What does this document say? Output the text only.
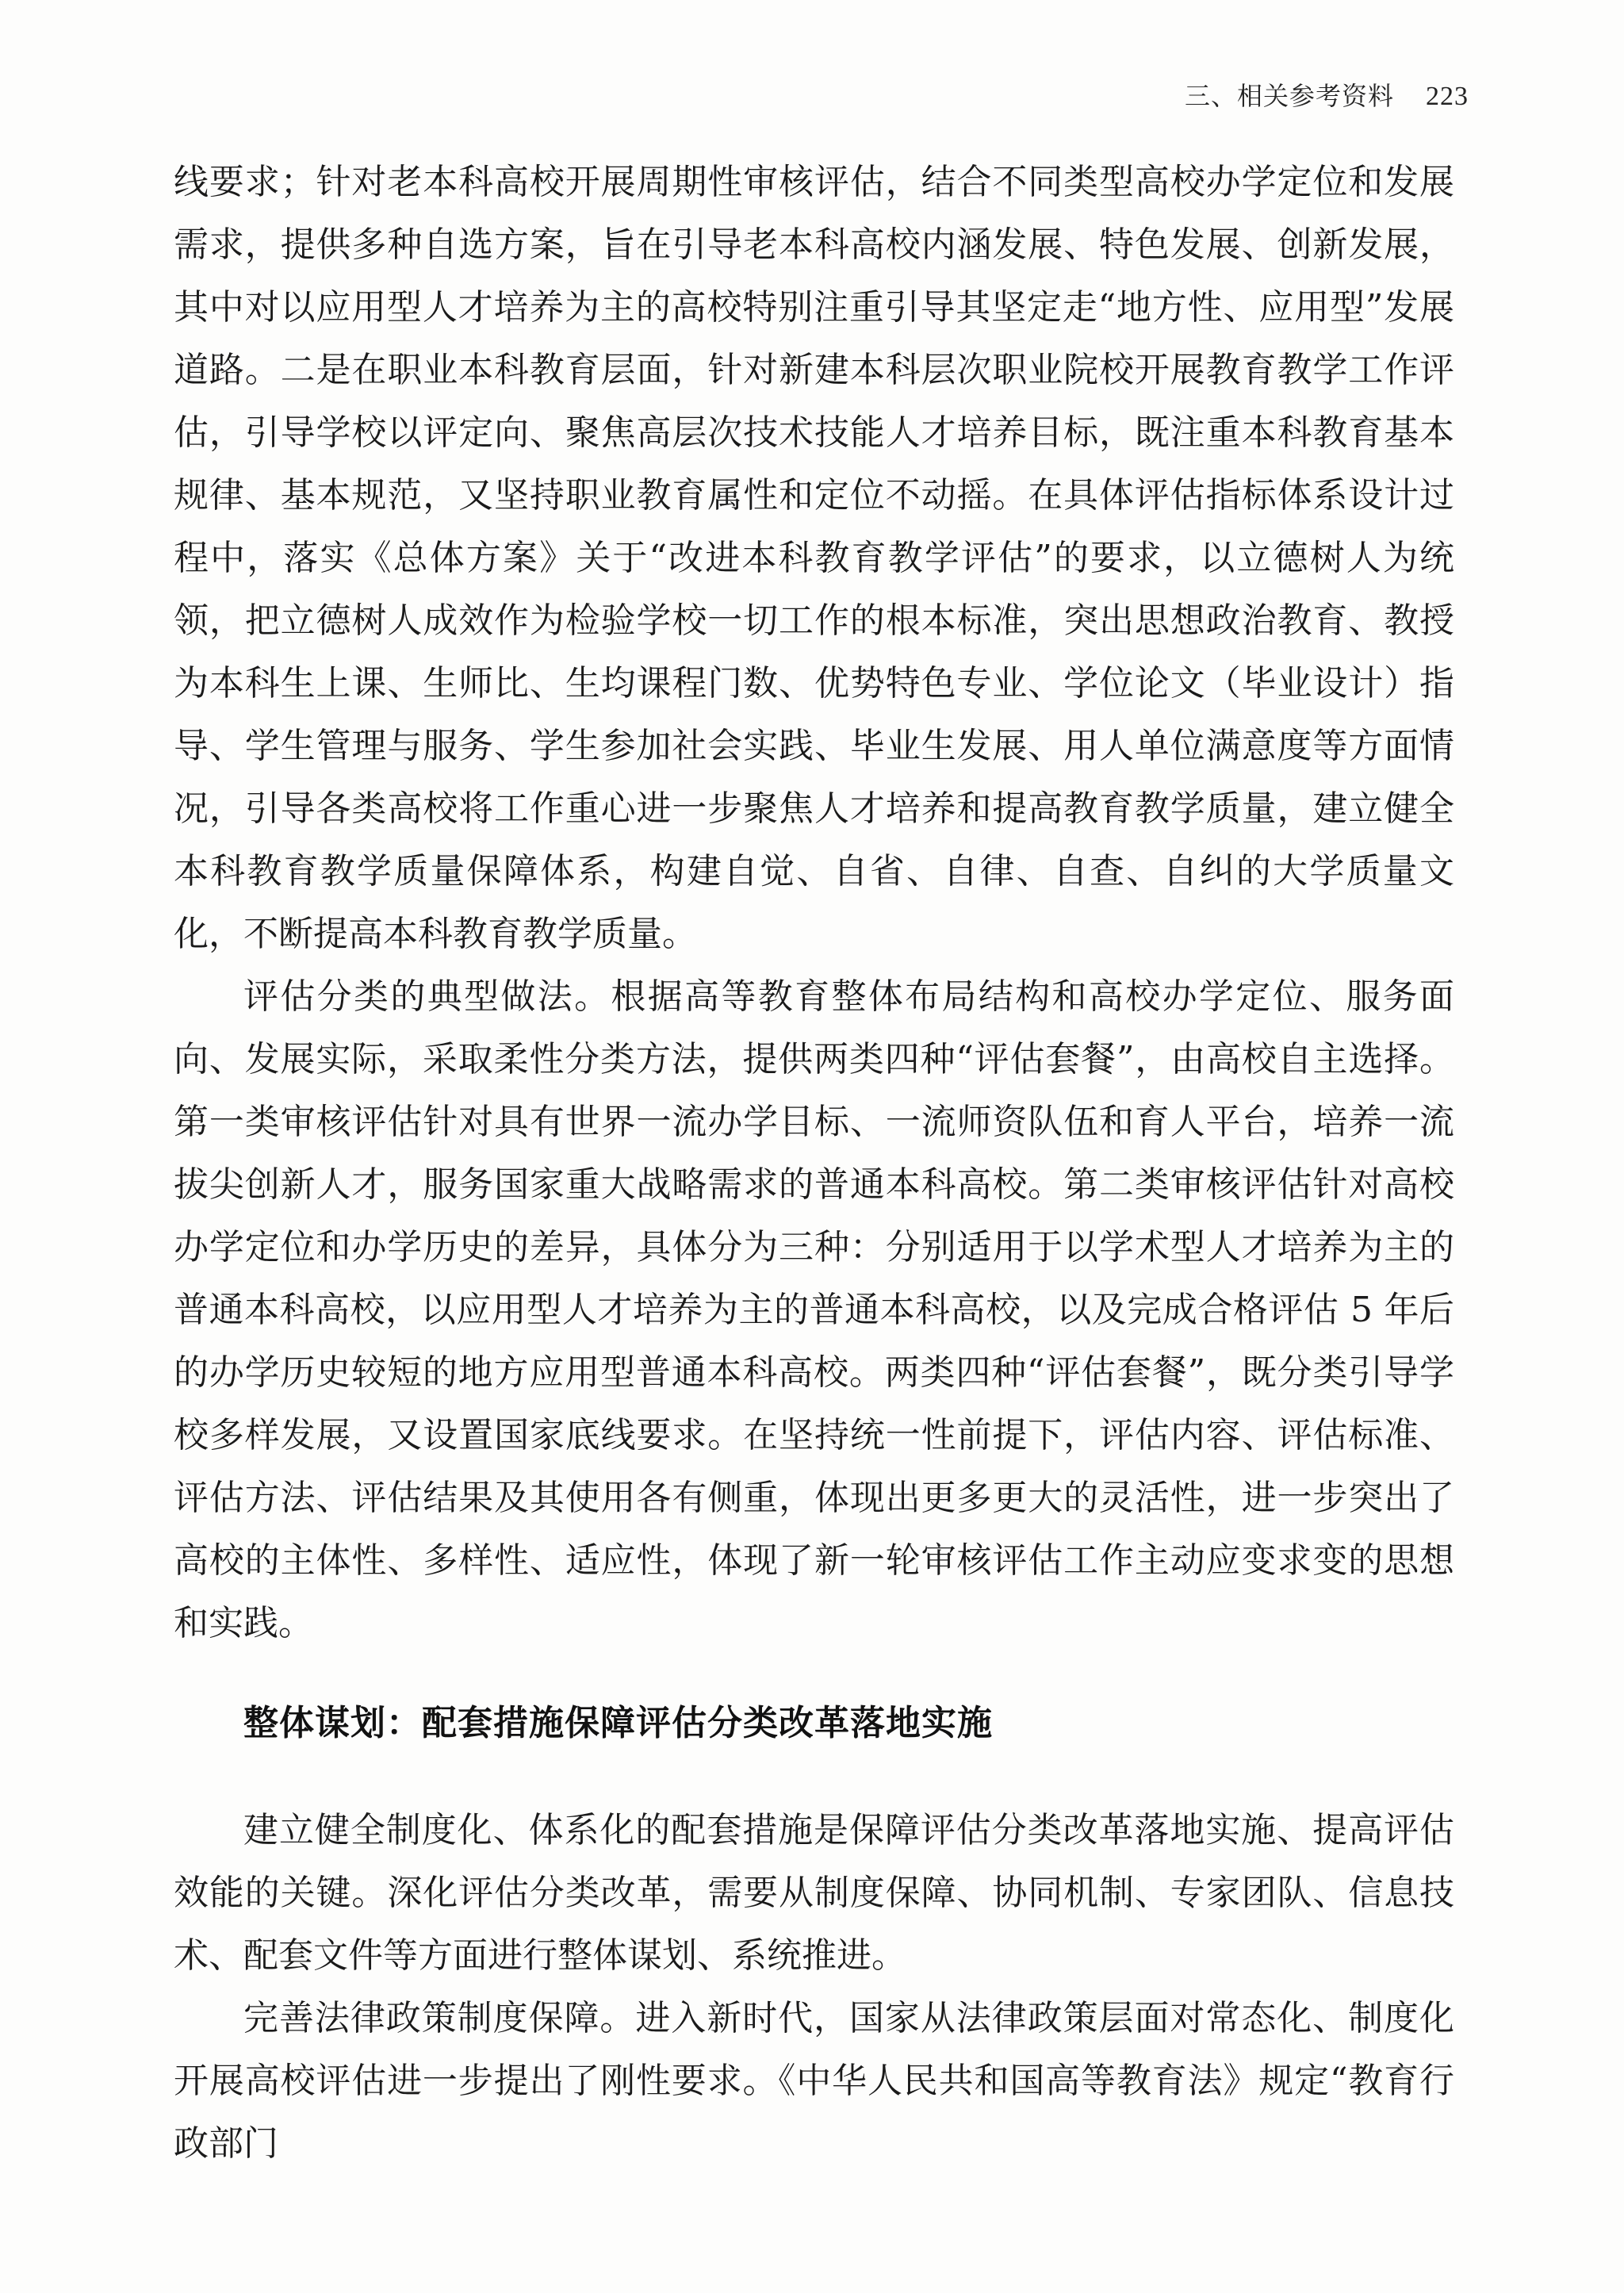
三、相关参考资料 223

线要求；针对老本科高校开展周期性审核评估，结合不同类型高校办学定位和发展需求，提供多种自选方案，旨在引导老本科高校内涵发展、特色发展、创新发展，其中对以应用型人才培养为主的高校特别注重引导其坚定走“地方性、应用型”发展道路。二是在职业本科教育层面，针对新建本科层次职业院校开展教育教学工作评估，引导学校以评定向、聚焦高层次技术技能人才培养目标，既注重本科教育基本规律、基本规范，又坚持职业教育属性和定位不动摇。在具体评估指标体系设计过程中，落实《总体方案》关于“改进本科教育教学评估”的要求，以立德树人为统领，把立德树人成效作为检验学校一切工作的根本标准，突出思想政治教育、教授为本科生上课、生师比、生均课程门数、优势特色专业、学位论文（毕业设计）指导、学生管理与服务、学生参加社会实践、毕业生发展、用人单位满意度等方面情况，引导各类高校将工作重心进一步聚焦人才培养和提高教育教学质量，建立健全本科教育教学质量保障体系，构建自觉、自省、自律、自查、自纠的大学质量文化，不断提高本科教育教学质量。

评估分类的典型做法。根据高等教育整体布局结构和高校办学定位、服务面向、发展实际，采取柔性分类方法，提供两类四种“评估套餐”，由高校自主选择。第一类审核评估针对具有世界一流办学目标、一流师资队伍和育人平台，培养一流拔尖创新人才，服务国家重大战略需求的普通本科高校。第二类审核评估针对高校办学定位和办学历史的差异，具体分为三种：分别适用于以学术型人才培养为主的普通本科高校，以应用型人才培养为主的普通本科高校，以及完成合格评估 5 年后的办学历史较短的地方应用型普通本科高校。两类四种“评估套餐”，既分类引导学校多样发展，又设置国家底线要求。在坚持统一性前提下，评估内容、评估标准、评估方法、评估结果及其使用各有侧重，体现出更多更大的灵活性，进一步突出了高校的主体性、多样性、适应性，体现了新一轮审核评估工作主动应变求变的思想和实践。

整体谋划：配套措施保障评估分类改革落地实施

建立健全制度化、体系化的配套措施是保障评估分类改革落地实施、提高评估效能的关键。深化评估分类改革，需要从制度保障、协同机制、专家团队、信息技术、配套文件等方面进行整体谋划、系统推进。

完善法律政策制度保障。进入新时代，国家从法律政策层面对常态化、制度化开展高校评估进一步提出了刚性要求。《中华人民共和国高等教育法》规定“教育行政部门
